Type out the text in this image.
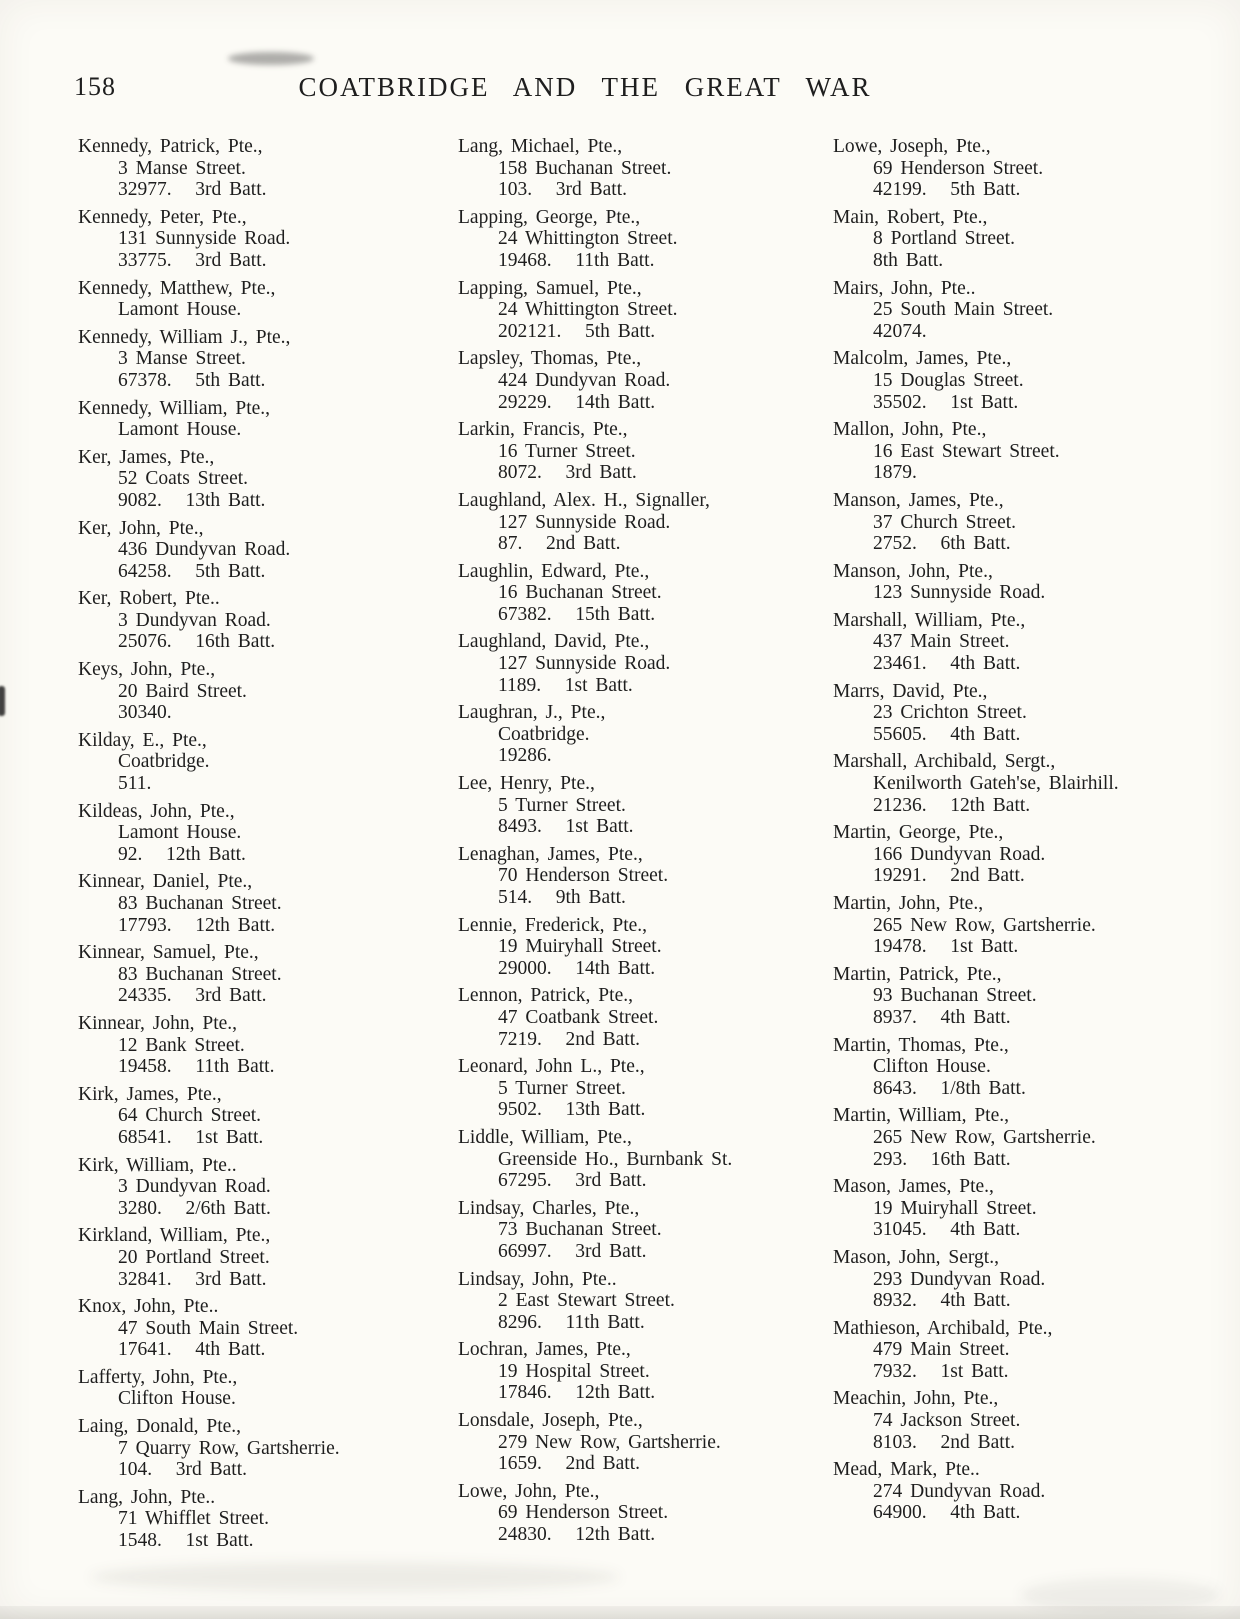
158	COATBRIDGE AND THE GREAT WAR
Kennedy, Patrick, Pte.,
3 Manse Street.
32977.   3rd Batt.
Kennedy, Peter, Pte.,
131 Sunnyside Road.
33775.   3rd Batt.
Kennedy, Matthew, Pte.,
Lamont House.
Kennedy, William J., Pte.,
3 Manse Street.
67378.   5th Batt.
Kennedy, William, Pte.,
Lamont House.
Ker, James, Pte.,
52 Coats Street.
9082.   13th Batt.
Ker, John, Pte.,
436 Dundyvan Road.
64258.   5th Batt.
Ker, Robert, Pte..
3 Dundyvan Road.
25076.   16th Batt.
Keys, John, Pte.,
20 Baird Street.
30340.
Kilday, E., Pte.,
Coatbridge.
511.
Kildeas, John, Pte.,
Lamont House.
92.   12th Batt.
Kinnear, Daniel, Pte.,
83 Buchanan Street.
17793.   12th Batt.
Kinnear, Samuel, Pte.,
83 Buchanan Street.
24335.   3rd Batt.
Kinnear, John, Pte.,
12 Bank Street.
19458.   11th Batt.
Kirk, James, Pte.,
64 Church Street.
68541.   1st Batt.
Kirk, William, Pte..
3 Dundyvan Road.
3280.   2/6th Batt.
Kirkland, William, Pte.,
20 Portland Street.
32841.   3rd Batt.
Knox, John, Pte..
47 South Main Street.
17641.   4th Batt.
Lafferty, John, Pte.,
Clifton House.
Laing, Donald, Pte.,
7 Quarry Row, Gartsherrie.
104.   3rd Batt.
Lang, John, Pte..
71 Whifflet Street.
1548.   1st Batt.
Lang, Michael, Pte.,
158 Buchanan Street.
103.   3rd Batt.
Lapping, George, Pte.,
24 Whittington Street.
19468.   11th Batt.
Lapping, Samuel, Pte.,
24 Whittington Street.
202121.   5th Batt.
Lapsley, Thomas, Pte.,
424 Dundyvan Road.
29229.   14th Batt.
Larkin, Francis, Pte.,
16 Turner Street.
8072.   3rd Batt.
Laughland, Alex. H., Signaller,
127 Sunnyside Road.
87.   2nd Batt.
Laughlin, Edward, Pte.,
16 Buchanan Street.
67382.   15th Batt.
Laughland, David, Pte.,
127 Sunnyside Road.
1189.   1st Batt.
Laughran, J., Pte.,
Coatbridge.
19286.
Lee, Henry, Pte.,
5 Turner Street.
8493.   1st Batt.
Lenaghan, James, Pte.,
70 Henderson Street.
514.   9th Batt.
Lennie, Frederick, Pte.,
19 Muiryhall Street.
29000.   14th Batt.
Lennon, Patrick, Pte.,
47 Coatbank Street.
7219.   2nd Batt.
Leonard, John L., Pte.,
5 Turner Street.
9502.   13th Batt.
Liddle, William, Pte.,
Greenside Ho., Burnbank St.
67295.   3rd Batt.
Lindsay, Charles, Pte.,
73 Buchanan Street.
66997.   3rd Batt.
Lindsay, John, Pte..
2 East Stewart Street.
8296.   11th Batt.
Lochran, James, Pte.,
19 Hospital Street.
17846.   12th Batt.
Lonsdale, Joseph, Pte.,
279 New Row, Gartsherrie.
1659.   2nd Batt.
Lowe, John, Pte.,
69 Henderson Street.
24830.   12th Batt.
Lowe, Joseph, Pte.,
69 Henderson Street.
42199.   5th Batt.
Main, Robert, Pte.,
8 Portland Street.
8th Batt.
Mairs, John, Pte..
25 South Main Street.
42074.
Malcolm, James, Pte.,
15 Douglas Street.
35502.   1st Batt.
Mallon, John, Pte.,
16 East Stewart Street.
1879.
Manson, James, Pte.,
37 Church Street.
2752.   6th Batt.
Manson, John, Pte.,
123 Sunnyside Road.
Marshall, William, Pte.,
437 Main Street.
23461.   4th Batt.
Marrs, David, Pte.,
23 Crichton Street.
55605.   4th Batt.
Marshall, Archibald, Sergt.,
Kenilworth Gateh'se, Blairhill.
21236.   12th Batt.
Martin, George, Pte.,
166 Dundyvan Road.
19291.   2nd Batt.
Martin, John, Pte.,
265 New Row, Gartsherrie.
19478.   1st Batt.
Martin, Patrick, Pte.,
93 Buchanan Street.
8937.   4th Batt.
Martin, Thomas, Pte.,
Clifton House.
8643.   1/8th Batt.
Martin, William, Pte.,
265 New Row, Gartsherrie.
293.   16th Batt.
Mason, James, Pte.,
19 Muiryhall Street.
31045.   4th Batt.
Mason, John, Sergt.,
293 Dundyvan Road.
8932.   4th Batt.
Mathieson, Archibald, Pte.,
479 Main Street.
7932.   1st Batt.
Meachin, John, Pte.,
74 Jackson Street.
8103.   2nd Batt.
Mead, Mark, Pte..
274 Dundyvan Road.
64900.   4th Batt.
